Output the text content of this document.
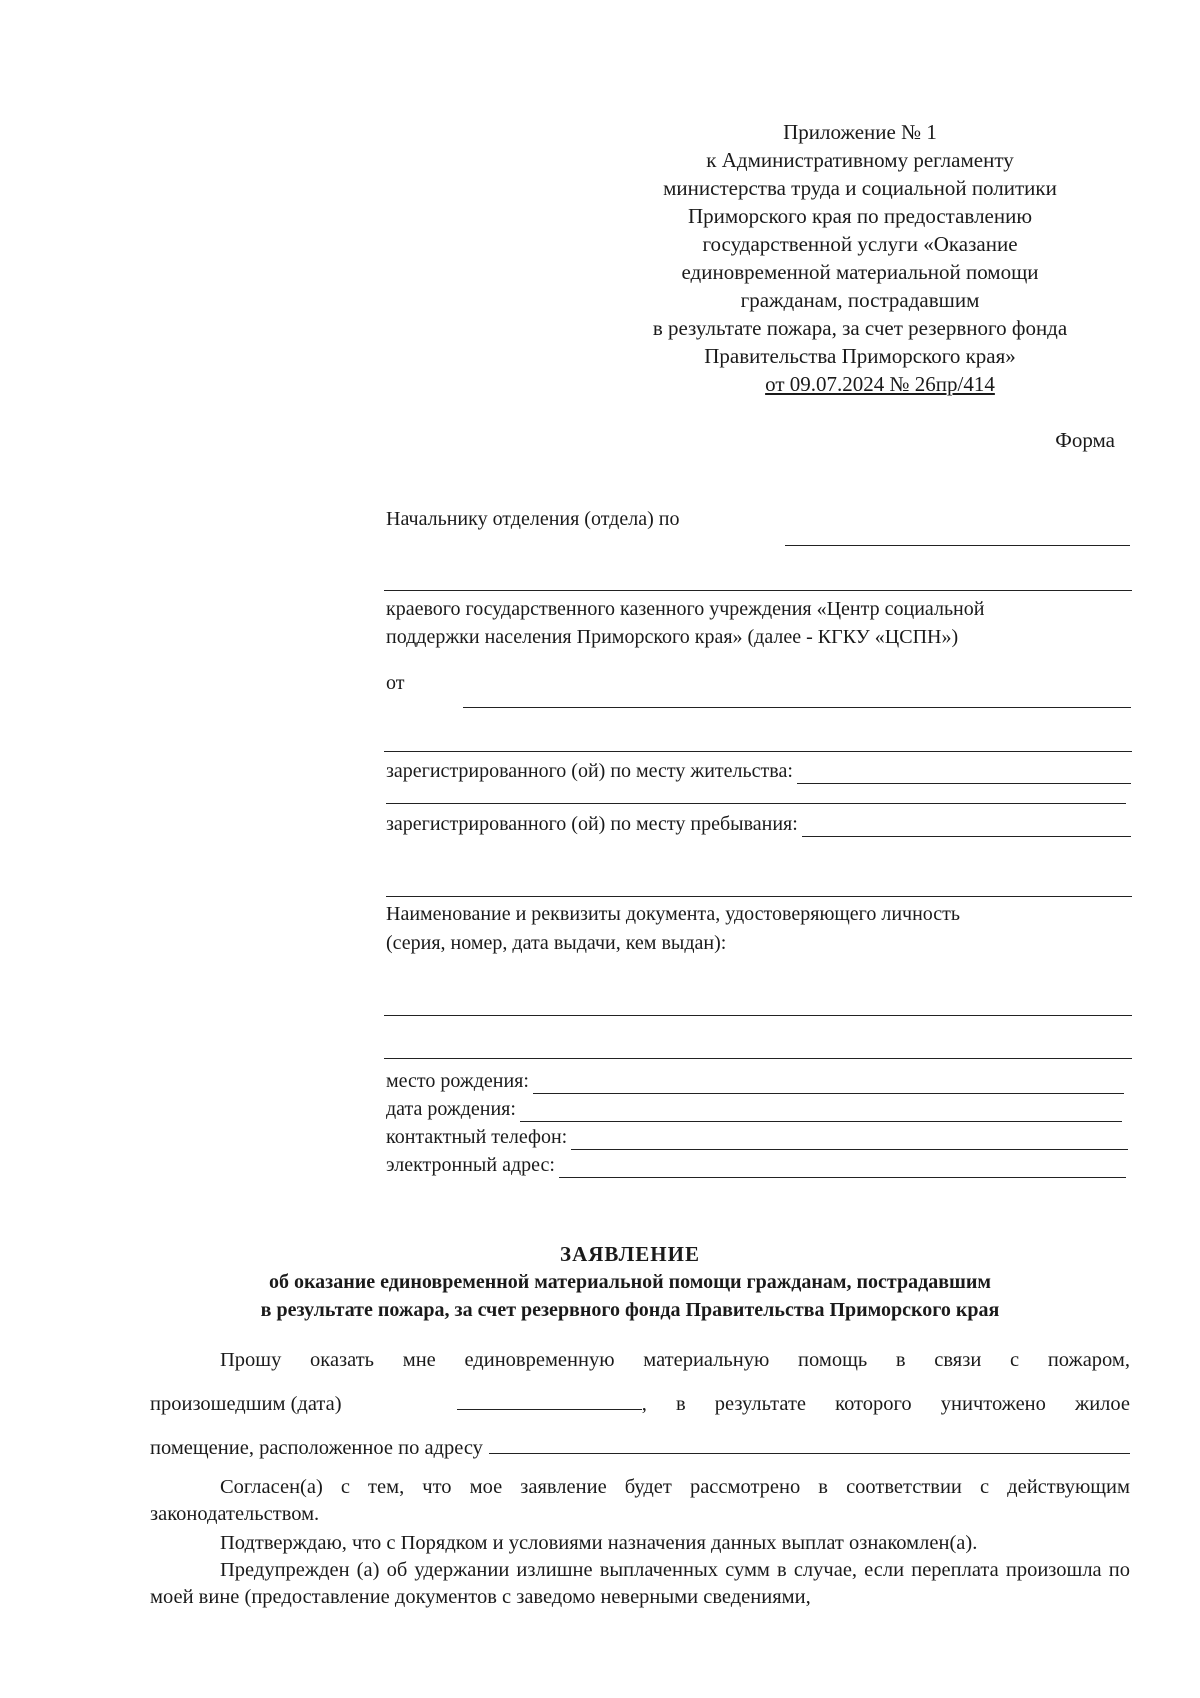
Приложение № 1
к Административному регламенту
министерства труда и социальной политики
Приморского края по предоставлению
государственной услуги «Оказание
единовременной материальной помощи
гражданам, пострадавшим
в результате пожара, за счет резервного фонда
Правительства Приморского края»
от 09.07.2024 № 26пр/414
Форма
Начальнику отделения (отдела) по
краевого государственного казенного учреждения «Центр социальной
поддержки населения Приморского края» (далее - КГКУ «ЦСПН»)
от
зарегистрированного (ой) по месту жительства:
зарегистрированного (ой) по месту пребывания:
Наименование и реквизиты документа, удостоверяющего личность
(серия, номер, дата выдачи, кем выдан):
место рождения:
дата рождения:
контактный телефон:
электронный адрес:
ЗАЯВЛЕНИЕ
об оказание единовременной материальной помощи гражданам, пострадавшим
в результате пожара, за счет резервного фонда Правительства Приморского края
Прошу оказать мне единовременную материальную помощь в связи с пожаром,
произошедшим (дата)	, в результате которого уничтожено жилое
помещение, расположенное по адресу
Согласен(а) с тем, что мое заявление будет рассмотрено в соответствии с действующим законодательством.
Подтверждаю, что с Порядком и условиями назначения данных выплат ознакомлен(а).
Предупрежден (а) об удержании излишне выплаченных сумм в случае, если переплата произошла по моей вине (предоставление документов с заведомо неверными сведениями,
